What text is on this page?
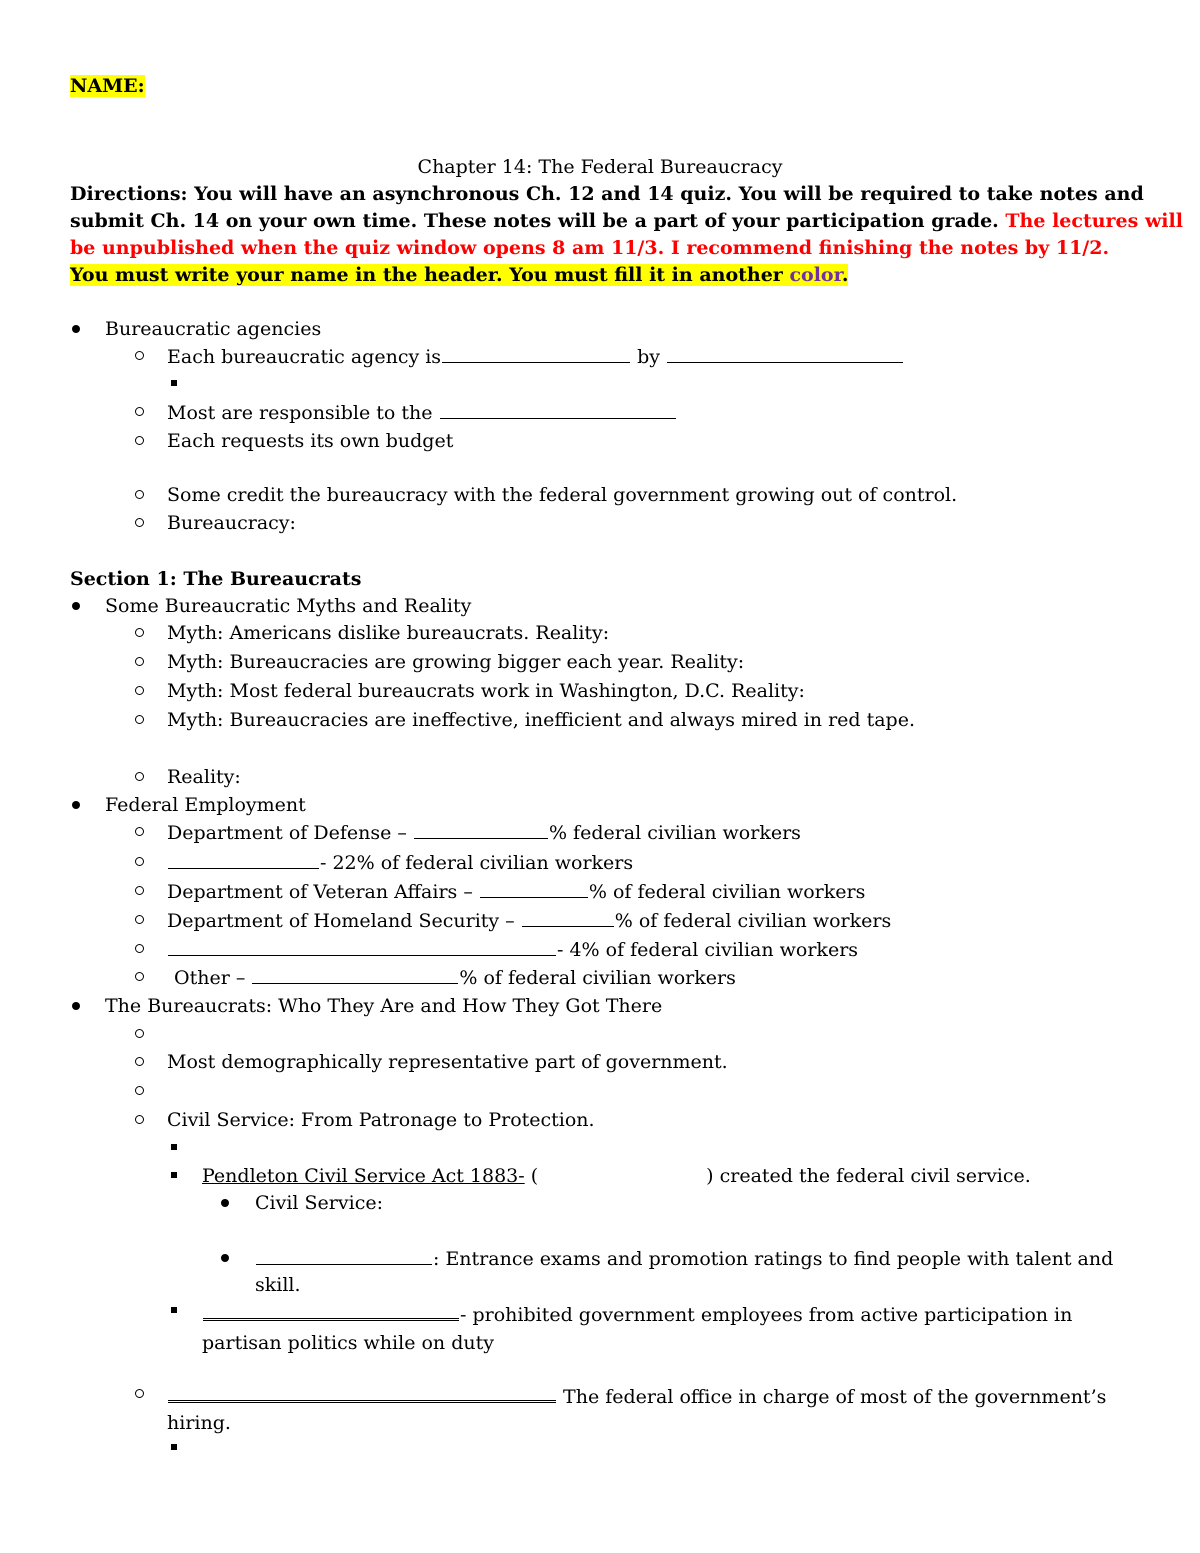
NAME:
Chapter 14: The Federal Bureaucracy
Directions: You will have an asynchronous Ch. 12 and 14 quiz. You will be required to take notes and
submit Ch. 14 on your own time. These notes will be a part of your participation grade. The lectures will
be unpublished when the quiz window opens 8 am 11/3. I recommend finishing the notes by 11/2.
You must write your name in the header. You must fill it in another color.
Bureaucratic agencies
Each bureaucratic agency is	by
Most are responsible to the
Each requests its own budget
Some credit the bureaucracy with the federal government growing out of control.
Bureaucracy:
Section 1: The Bureaucrats
Some Bureaucratic Myths and Reality
Myth: Americans dislike bureaucrats. Reality:
Myth: Bureaucracies are growing bigger each year. Reality:
Myth: Most federal bureaucrats work in Washington, D.C. Reality:
Myth: Bureaucracies are ineffective, inefficient and always mired in red tape.
Reality:
Federal Employment
Department of Defense –	% federal civilian workers
- 22% of federal civilian workers
Department of Veteran Affairs –	% of federal civilian workers
Department of Homeland Security –	% of federal civilian workers
- 4% of federal civilian workers
Other –	% of federal civilian workers
The Bureaucrats: Who They Are and How They Got There
Most demographically representative part of government.
Civil Service: From Patronage to Protection.
Pendleton Civil Service Act 1883- (	) created the federal civil service.
Civil Service:
: Entrance exams and promotion ratings to find people with talent and
skill.
- prohibited government employees from active participation in
partisan politics while on duty
The federal office in charge of most of the government’s
hiring.
